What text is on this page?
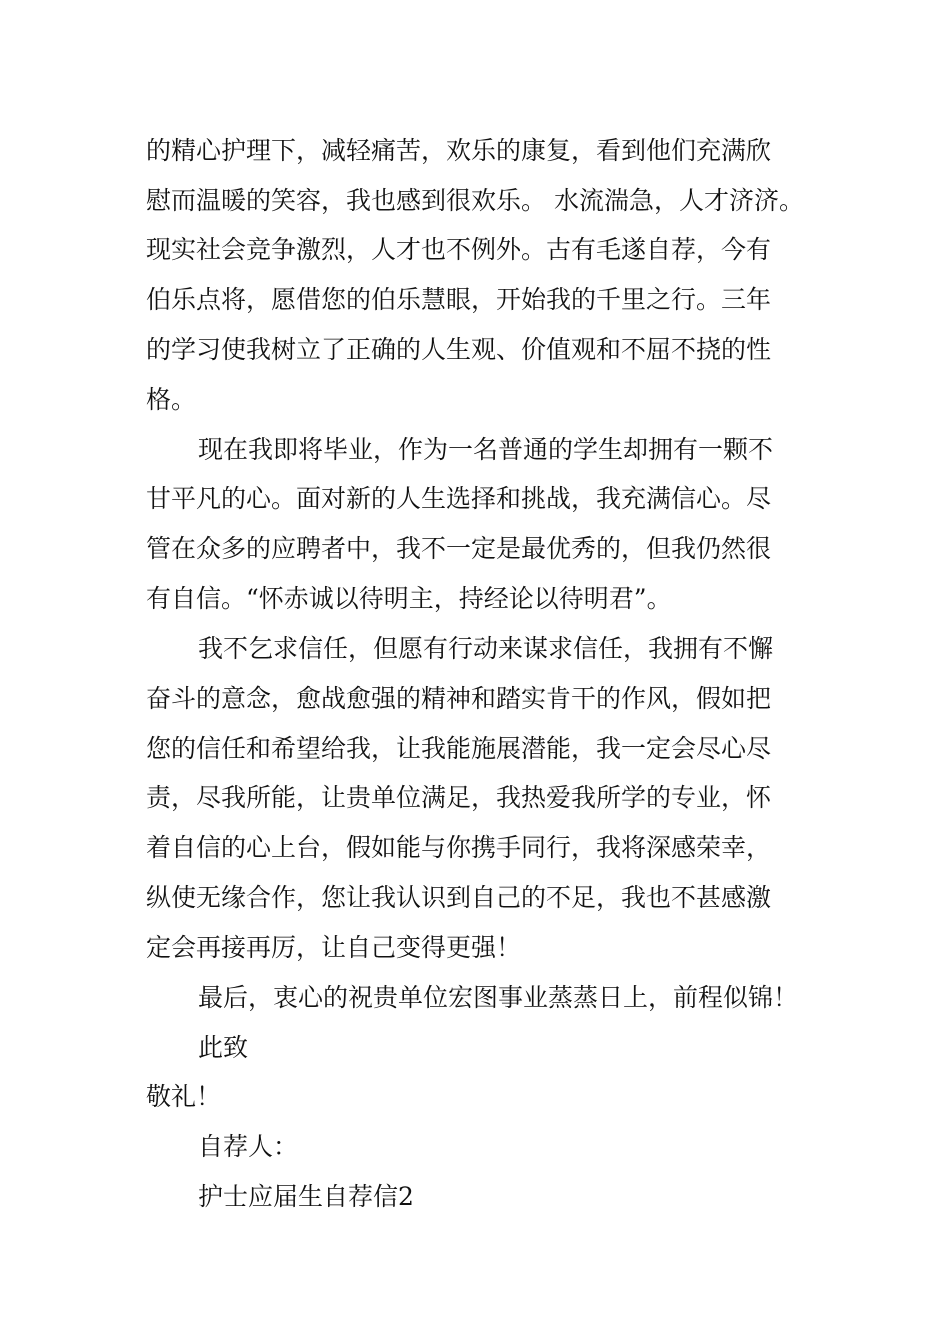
的精心护理下，减轻痛苦，欢乐的康复，看到他们充满欣
慰而温暖的笑容，我也感到很欢乐。 水流湍急，人才济济。
现实社会竞争激烈，人才也不例外。古有毛遂自荐，今有
伯乐点将，愿借您的伯乐慧眼，开始我的千里之行。三年
的学习使我树立了正确的人生观、价值观和不屈不挠的性
格。
现在我即将毕业，作为一名普通的学生却拥有一颗不
甘平凡的心。面对新的人生选择和挑战，我充满信心。尽
管在众多的应聘者中，我不一定是最优秀的，但我仍然很
有自信。“怀赤诚以待明主，持经论以待明君”。
我不乞求信任，但愿有行动来谋求信任，我拥有不懈
奋斗的意念，愈战愈强的精神和踏实肯干的作风，假如把
您的信任和希望给我，让我能施展潜能，我一定会尽心尽
责，尽我所能，让贵单位满足，我热爱我所学的专业，怀
着自信的心上台，假如能与你携手同行，我将深感荣幸，
纵使无缘合作，您让我认识到自己的不足，我也不甚感激
定会再接再厉，让自己变得更强！
最后，衷心的祝贵单位宏图事业蒸蒸日上，前程似锦！
此致
敬礼！
自荐人：
护士应届生自荐信2
